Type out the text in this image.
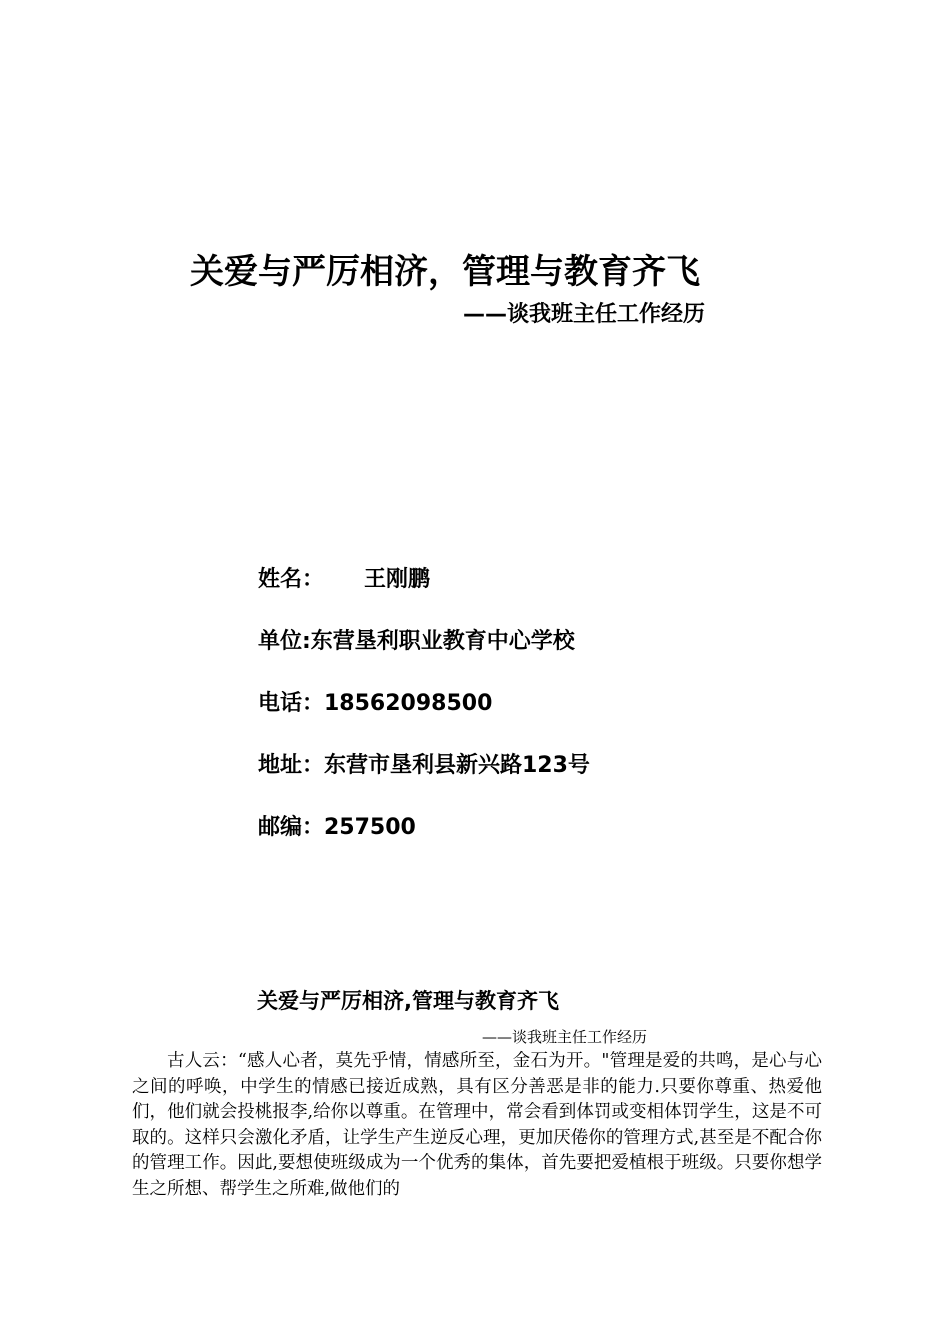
关爱与严厉相济，管理与教育齐飞
——谈我班主任工作经历
姓名： 王刚鹏
单位:东营垦利职业教育中心学校
电话：18562098500
地址：东营市垦利县新兴路123号
邮编：257500
关爱与严厉相济,管理与教育齐飞
——谈我班主任工作经历

古人云：“感人心者，莫先乎情，情感所至，金石为开。"管理是爱的共鸣，是心与心之间的呼唤，中学生的情感已接近成熟，具有区分善恶是非的能力.只要你尊重、热爱他们，他们就会投桃报李,给你以尊重。在管理中，常会看到体罚或变相体罚学生，这是不可取的。这样只会激化矛盾，让学生产生逆反心理，更加厌倦你的管理方式,甚至是不配合你的管理工作。因此,要想使班级成为一个优秀的集体，首先要把爱植根于班级。只要你想学生之所想、帮学生之所难,做他们的
